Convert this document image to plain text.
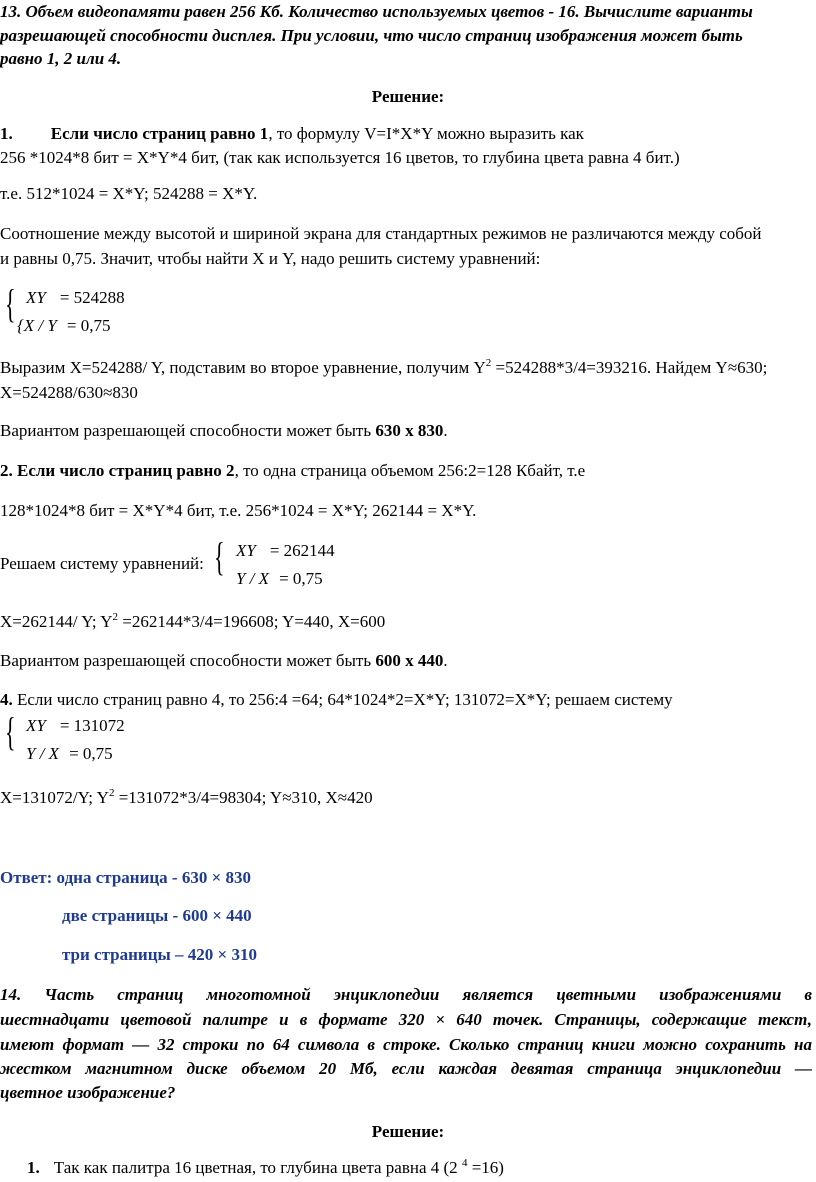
13. Объем видеопамяти равен 256 Кб. Количество используемых цветов - 16. Вычислите варианты
разрешающей способности дисплея. При условии, что число страниц изображения может быть
равно 1, 2 или 4.
Решение:
1. Если число страниц равно 1, то формулу V=I*X*Y можно выразить как
256 *1024*8 бит = X*Y*4 бит, (так как используется 16 цветов, то глубина цвета равна 4 бит.)
т.е. 512*1024 = X*Y; 524288 = X*Y.
Соотношение между высотой и шириной экрана для стандартных режимов не различаются между собой
и равны 0,75. Значит, чтобы найти X и Y, надо решить систему уравнений:
{ XY = 524288
{X / Y = 0,75
Выразим X=524288/ Y, подставим во второе уравнение, получим $Y^2 =524288*3/4=393216$. Найдем Y≈630;
X=524288/630≈830
Вариантом разрешающей способности может быть 630 x 830.
2. Если число страниц равно 2, то одна страница объемом 256:2=128 Кбайт, т.е
128*1024*8 бит = X*Y*4 бит, т.е. 256*1024 = X*Y; 262144 = X*Y.
Решаем систему уравнений: { XY = 262144
Y / X = 0,75
X=262144/ Y; $Y^2 =262144*3/4=196608$; Y=440, X=600
Вариантом разрешающей способности может быть 600 x 440.
4. Если число страниц равно 4, то 256:4 =64; 64*1024*2=X*Y; 131072=X*Y; решаем систему
{ XY = 131072
Y / X = 0,75
X=131072/Y; $Y^2 =131072*3/4=98304$; Y≈310, X≈420
Ответ: одна страница - 630 × 830
две страницы - 600 × 440
три страницы – 420 × 310
14. Часть страниц многотомной энциклопедии является цветными изображениями в
шестнадцати цветовой палитре и в формате 320 × 640 точек. Страницы, содержащие текст,
имеют формат — 32 строки по 64 символа в строке. Сколько страниц книги можно сохранить на
жестком магнитном диске объемом 20 Мб, если каждая девятая страница энциклопедии —
цветное изображение?
Решение:
1. Так как палитра 16 цветная, то глубина цвета равна 4 (2 $^4$ =16)
